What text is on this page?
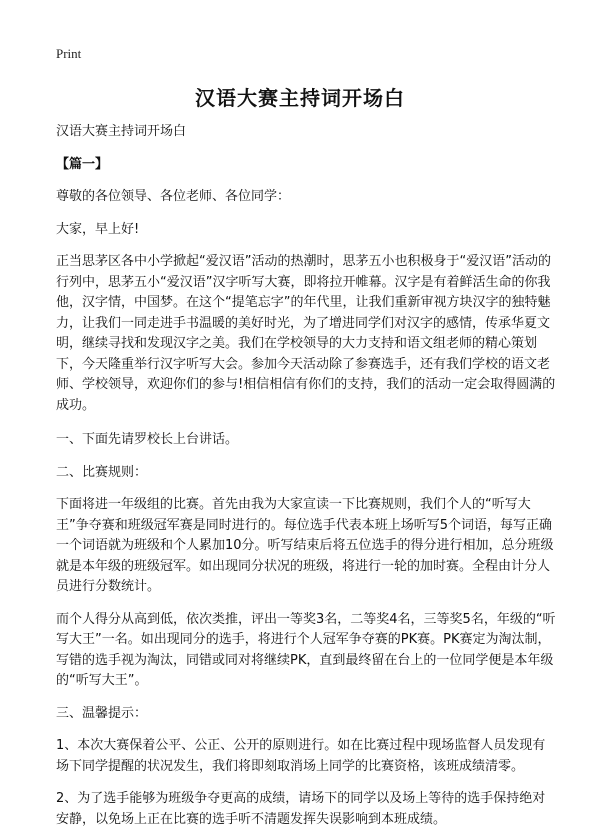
Print
汉语大赛主持词开场白

汉语大赛主持词开场白

【篇一】

尊敬的各位领导、各位老师、各位同学：

大家，早上好!

正当思茅区各中小学掀起“爱汉语”活动的热潮时，思茅五小也积极身于“爱汉语”活动的行列中，思茅五小“爱汉语”汉字听写大赛，即将拉开帷幕。汉字是有着鲜活生命的你我他，汉字情，中国梦。在这个“提笔忘字”的年代里，让我们重新审视方块汉字的独特魅力，让我们一同走进手书温暖的美好时光，为了增进同学们对汉字的感情，传承华夏文明，继续寻找和发现汉字之美。我们在学校领导的大力支持和语文组老师的精心策划下，今天隆重举行汉字听写大会。参加今天活动除了参赛选手，还有我们学校的语文老师、学校领导，欢迎你们的参与!相信相信有你们的支持，我们的活动一定会取得圆满的成功。

一、下面先请罗校长上台讲话。

二、比赛规则：

下面将进一年级组的比赛。首先由我为大家宣读一下比赛规则，我们个人的“听写大王”争夺赛和班级冠军赛是同时进行的。每位选手代表本班上场听写5个词语，每写正确一个词语就为班级和个人累加10分。听写结束后将五位选手的得分进行相加，总分班级就是本年级的班级冠军。如出现同分状况的班级，将进行一轮的加时赛。全程由计分人员进行分数统计。

而个人得分从高到低，依次类推，评出一等奖3名，二等奖4名，三等奖5名，年级的“听写大王”一名。如出现同分的选手，将进行个人冠军争夺赛的PK赛。PK赛定为淘汰制，写错的选手视为淘汰，同错或同对将继续PK，直到最终留在台上的一位同学便是本年级的“听写大王”。

三、温馨提示：

1、本次大赛保着公平、公正、公开的原则进行。如在比赛过程中现场监督人员发现有场下同学提醒的状况发生，我们将即刻取消场上同学的比赛资格，该班成绩清零。

2、为了选手能够为班级争夺更高的成绩，请场下的同学以及场上等待的选手保持绝对安静，以免场上正在比赛的选手听不清题发挥失误影响到本班成绩。
